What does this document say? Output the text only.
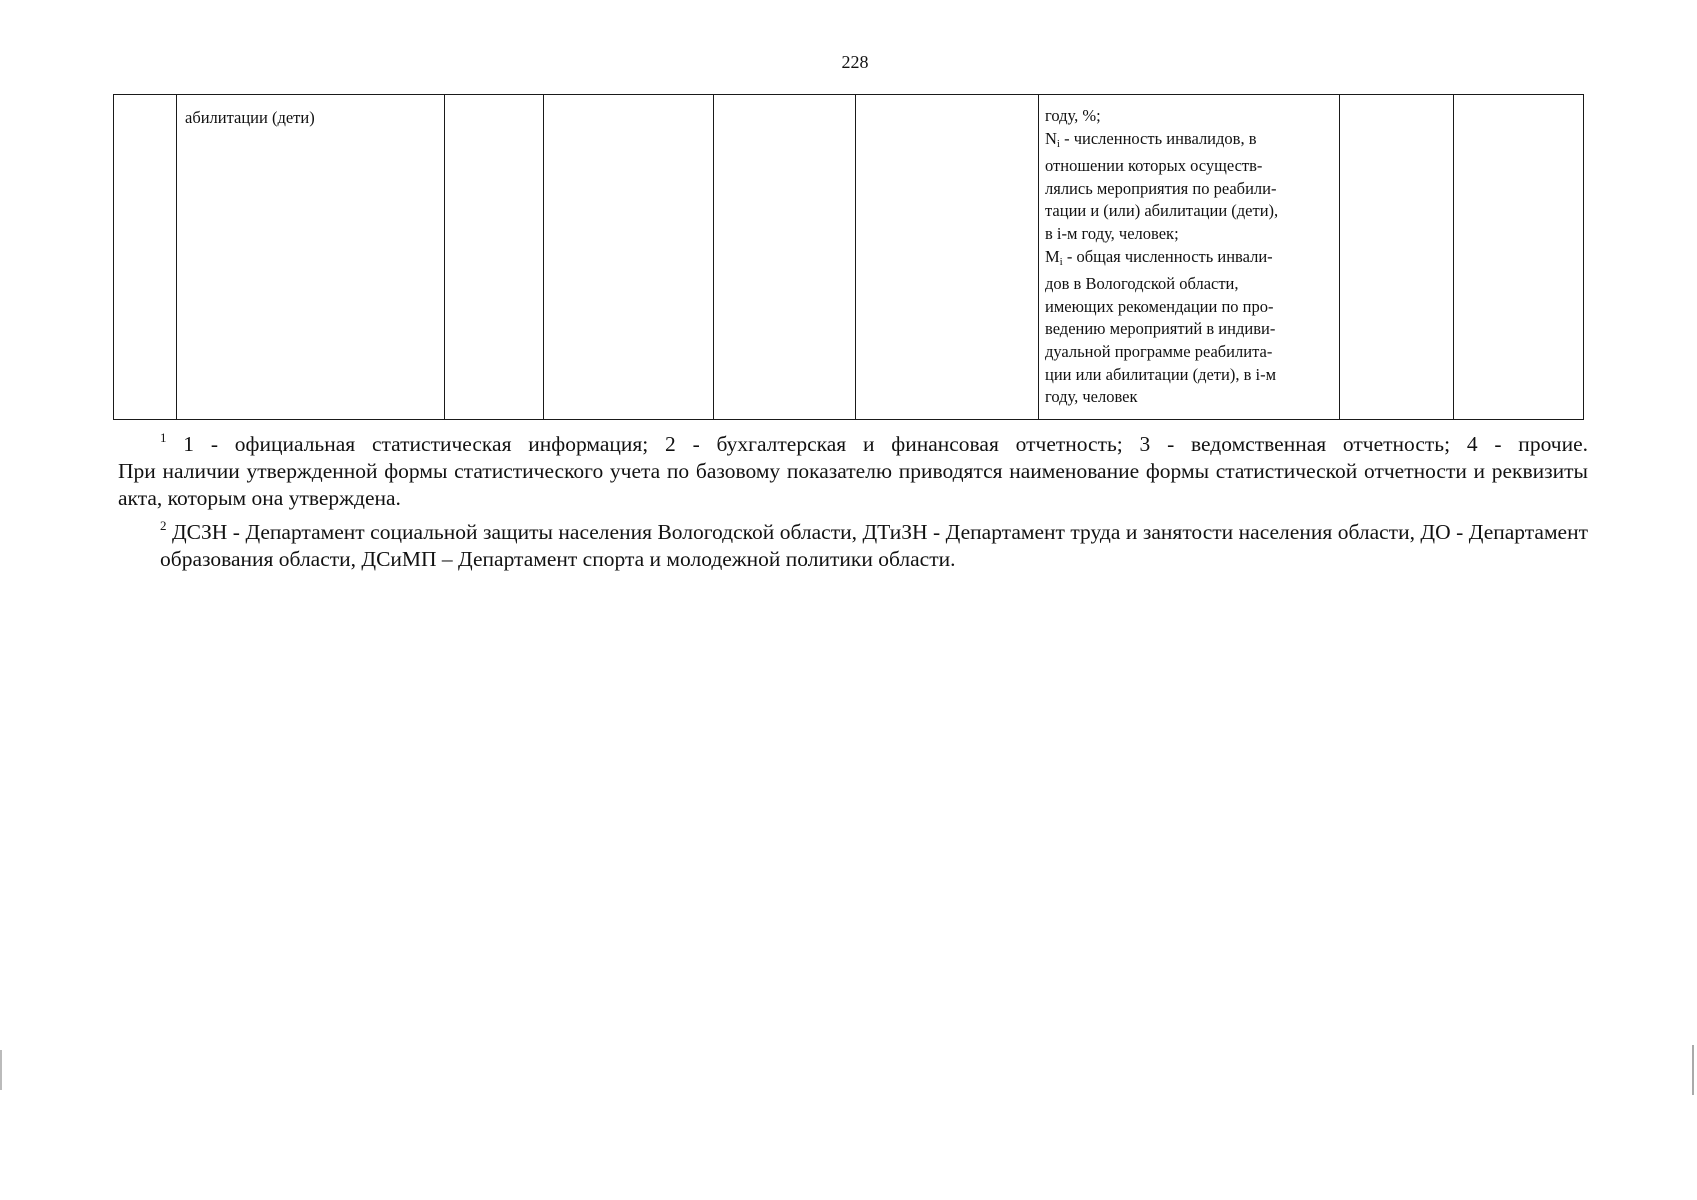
228

абилитации (дети)					году, %;
$N_i$ - численность инвалидов, в
отношении которых осуществ-
лялись мероприятия по реабили-
тации и (или) абилитации (дети),
в i-м году, человек;
$M_i$ - общая численность инвали-
дов в Вологодской области,
имеющих рекомендации по про-
ведению мероприятий в индиви-
дуальной программе реабилита-
ции или абилитации (дети), в i-м
году, человек

$^1$ 1 - официальная статистическая информация; 2 - бухгалтерская и финансовая отчетность; 3 - ведомственная отчетность; 4 - прочие.

При наличии утвержденной формы статистического учета по базовому показателю приводятся наименование формы статистической отчетности и реквизиты акта, которым она утверждена.

$^2$ ДСЗН - Департамент социальной защиты населения Вологодской области, ДТиЗН - Департамент труда и занятости населения области, ДО - Департамент образования области, ДСиМП – Департамент спорта и молодежной политики области.
